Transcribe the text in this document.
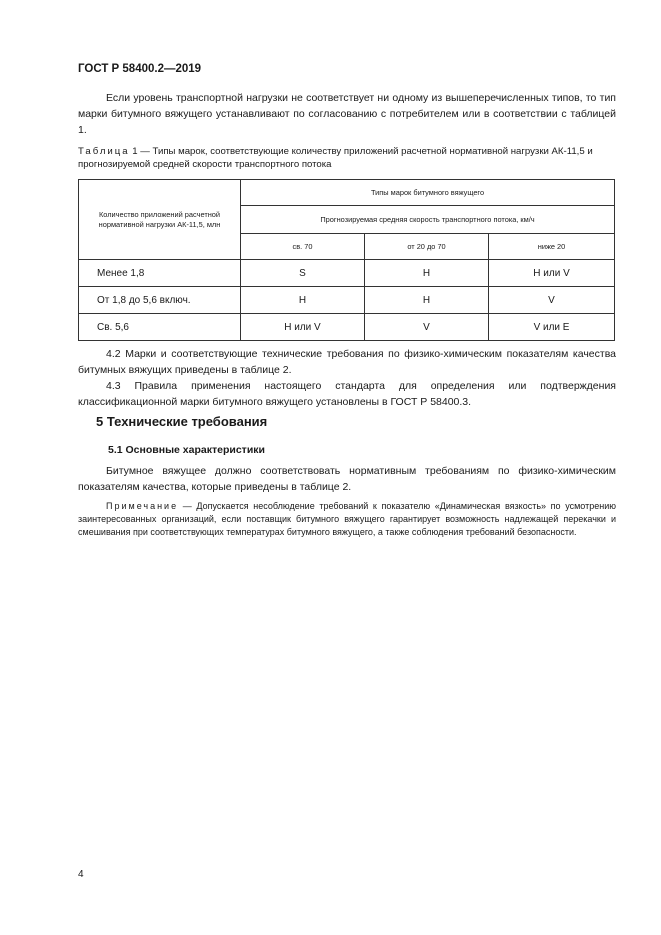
ГОСТ Р 58400.2—2019

Если уровень транспортной нагрузки не соответствует ни одному из вышеперечисленных типов, то тип марки битумного вяжущего устанавливают по согласованию с потребителем или в соответствии с таблицей 1.

Таблица 1 — Типы марок, соответствующие количеству приложений расчетной нормативной нагрузки АК-11,5 и прогнозируемой средней скорости транспортного потока
Количество приложений расчетной нормативной нагрузки АК-11,5, млн	Типы марок битумного вяжущего		
	Прогнозируемая средняя скорость транспортного потока, км/ч		
	св. 70	от 20 до 70	ниже 20
Менее 1,8	S	H	H или V
От 1,8 до 5,6 включ.	H	H	V
Св. 5,6	H или V	V	V или E

4.2 Марки и соответствующие технические требования по физико-химическим показателям качества битумных вяжущих приведены в таблице 2.

4.3 Правила применения настоящего стандарта для определения или подтверждения классификационной марки битумного вяжущего установлены в ГОСТ Р 58400.3.

5 Технические требования
5.1 Основные характеристики

Битумное вяжущее должно соответствовать нормативным требованиям по физико-химическим показателям качества, которые приведены в таблице 2.

Примечание — Допускается несоблюдение требований к показателю «Динамическая вязкость» по усмотрению заинтересованных организаций, если поставщик битумного вяжущего гарантирует возможность надлежащей перекачки и смешивания при соответствующих температурах битумного вяжущего, а также соблюдения требований безопасности.

4
